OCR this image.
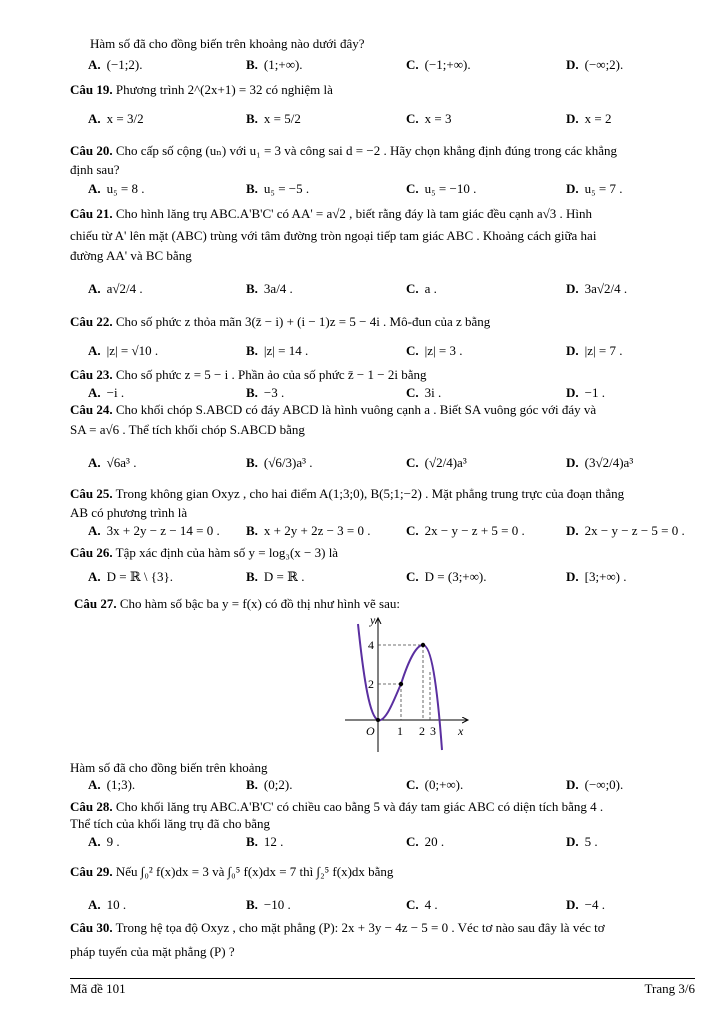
Hàm số đã cho đồng biến trên khoảng nào dưới đây?
A. (−1;2).	B. (1;+∞).	C. (−1;+∞).	D. (−∞;2).
Câu 19. Phương trình 2^(2x+1) = 32 có nghiệm là
A. x = 3/2	B. x = 5/2	C. x = 3	D. x = 2
Câu 20. Cho cấp số cộng (uₙ) với u₁ = 3 và công sai d = −2 . Hãy chọn khẳng định đúng trong các khẳng
định sau?
A. u₅ = 8 .	B. u₅ = −5 .	C. u₅ = −10 .	D. u₅ = 7 .
Câu 21. Cho hình lăng trụ ABC.A'B'C' có AA' = a√2 , biết rằng đáy là tam giác đều cạnh a√3 . Hình
chiếu từ A' lên mặt (ABC) trùng với tâm đường tròn ngoại tiếp tam giác ABC . Khoảng cách giữa hai
đường AA' và BC bằng
A. a√2/4 .	B. 3a/4 .	C. a .	D. 3a√2/4 .
Câu 22. Cho số phức z thỏa mãn 3(z̄ − i) + (i − 1)z = 5 − 4i . Mô-đun của z bằng
A. |z| = √10 .	B. |z| = 14 .	C. |z| = 3 .	D. |z| = 7 .
Câu 23. Cho số phức z = 5 − i . Phần ảo của số phức z̄ − 1 − 2i bằng
A. −i .	B. −3 .	C. 3i .	D. −1 .
Câu 24. Cho khối chóp S.ABCD có đáy ABCD là hình vuông cạnh a . Biết SA vuông góc với đáy và
SA = a√6 . Thể tích khối chóp S.ABCD bằng
A. √6a³ .	B. (√6/3)a³ .	C. (√2/4)a³	D. (3√2/4)a³
Câu 25. Trong không gian Oxyz , cho hai điểm A(1;3;0), B(5;1;−2) . Mặt phẳng trung trực của đoạn thẳng
AB có phương trình là
A. 3x + 2y − z − 14 = 0 . B. x + 2y + 2z − 3 = 0 .	C. 2x − y − z + 5 = 0 .	D. 2x − y − z − 5 = 0 .
Câu 26. Tập xác định của hàm số y = log₃(x − 3) là
A. D = ℝ \ {3}.	B. D = ℝ .	C. D = (3;+∞).	D. [3;+∞) .
Câu 27. Cho hàm số bậc ba y = f(x) có đồ thị như hình vẽ sau:
y
x
O 1 2 3
2
4
Hàm số đã cho đồng biến trên khoảng
A. (1;3).	B. (0;2).	C. (0;+∞).	D. (−∞;0).
Câu 28. Cho khối lăng trụ ABC.A'B'C' có chiều cao bằng 5 và đáy tam giác ABC có diện tích bằng 4 .
Thể tích của khối lăng trụ đã cho bằng
A. 9 .	B. 12 .	C. 20 .	D. 5 .
Câu 29. Nếu ∫₀² f(x)dx = 3 và ∫₀⁵ f(x)dx = 7 thì ∫₂⁵ f(x)dx bằng
A. 10 .	B. −10 .	C. 4 .	D. −4 .
Câu 30. Trong hệ tọa độ Oxyz , cho mặt phẳng (P): 2x + 3y − 4z − 5 = 0 . Véc tơ nào sau đây là véc tơ
pháp tuyến của mặt phẳng (P) ?
Mã đề 101	Trang 3/6
